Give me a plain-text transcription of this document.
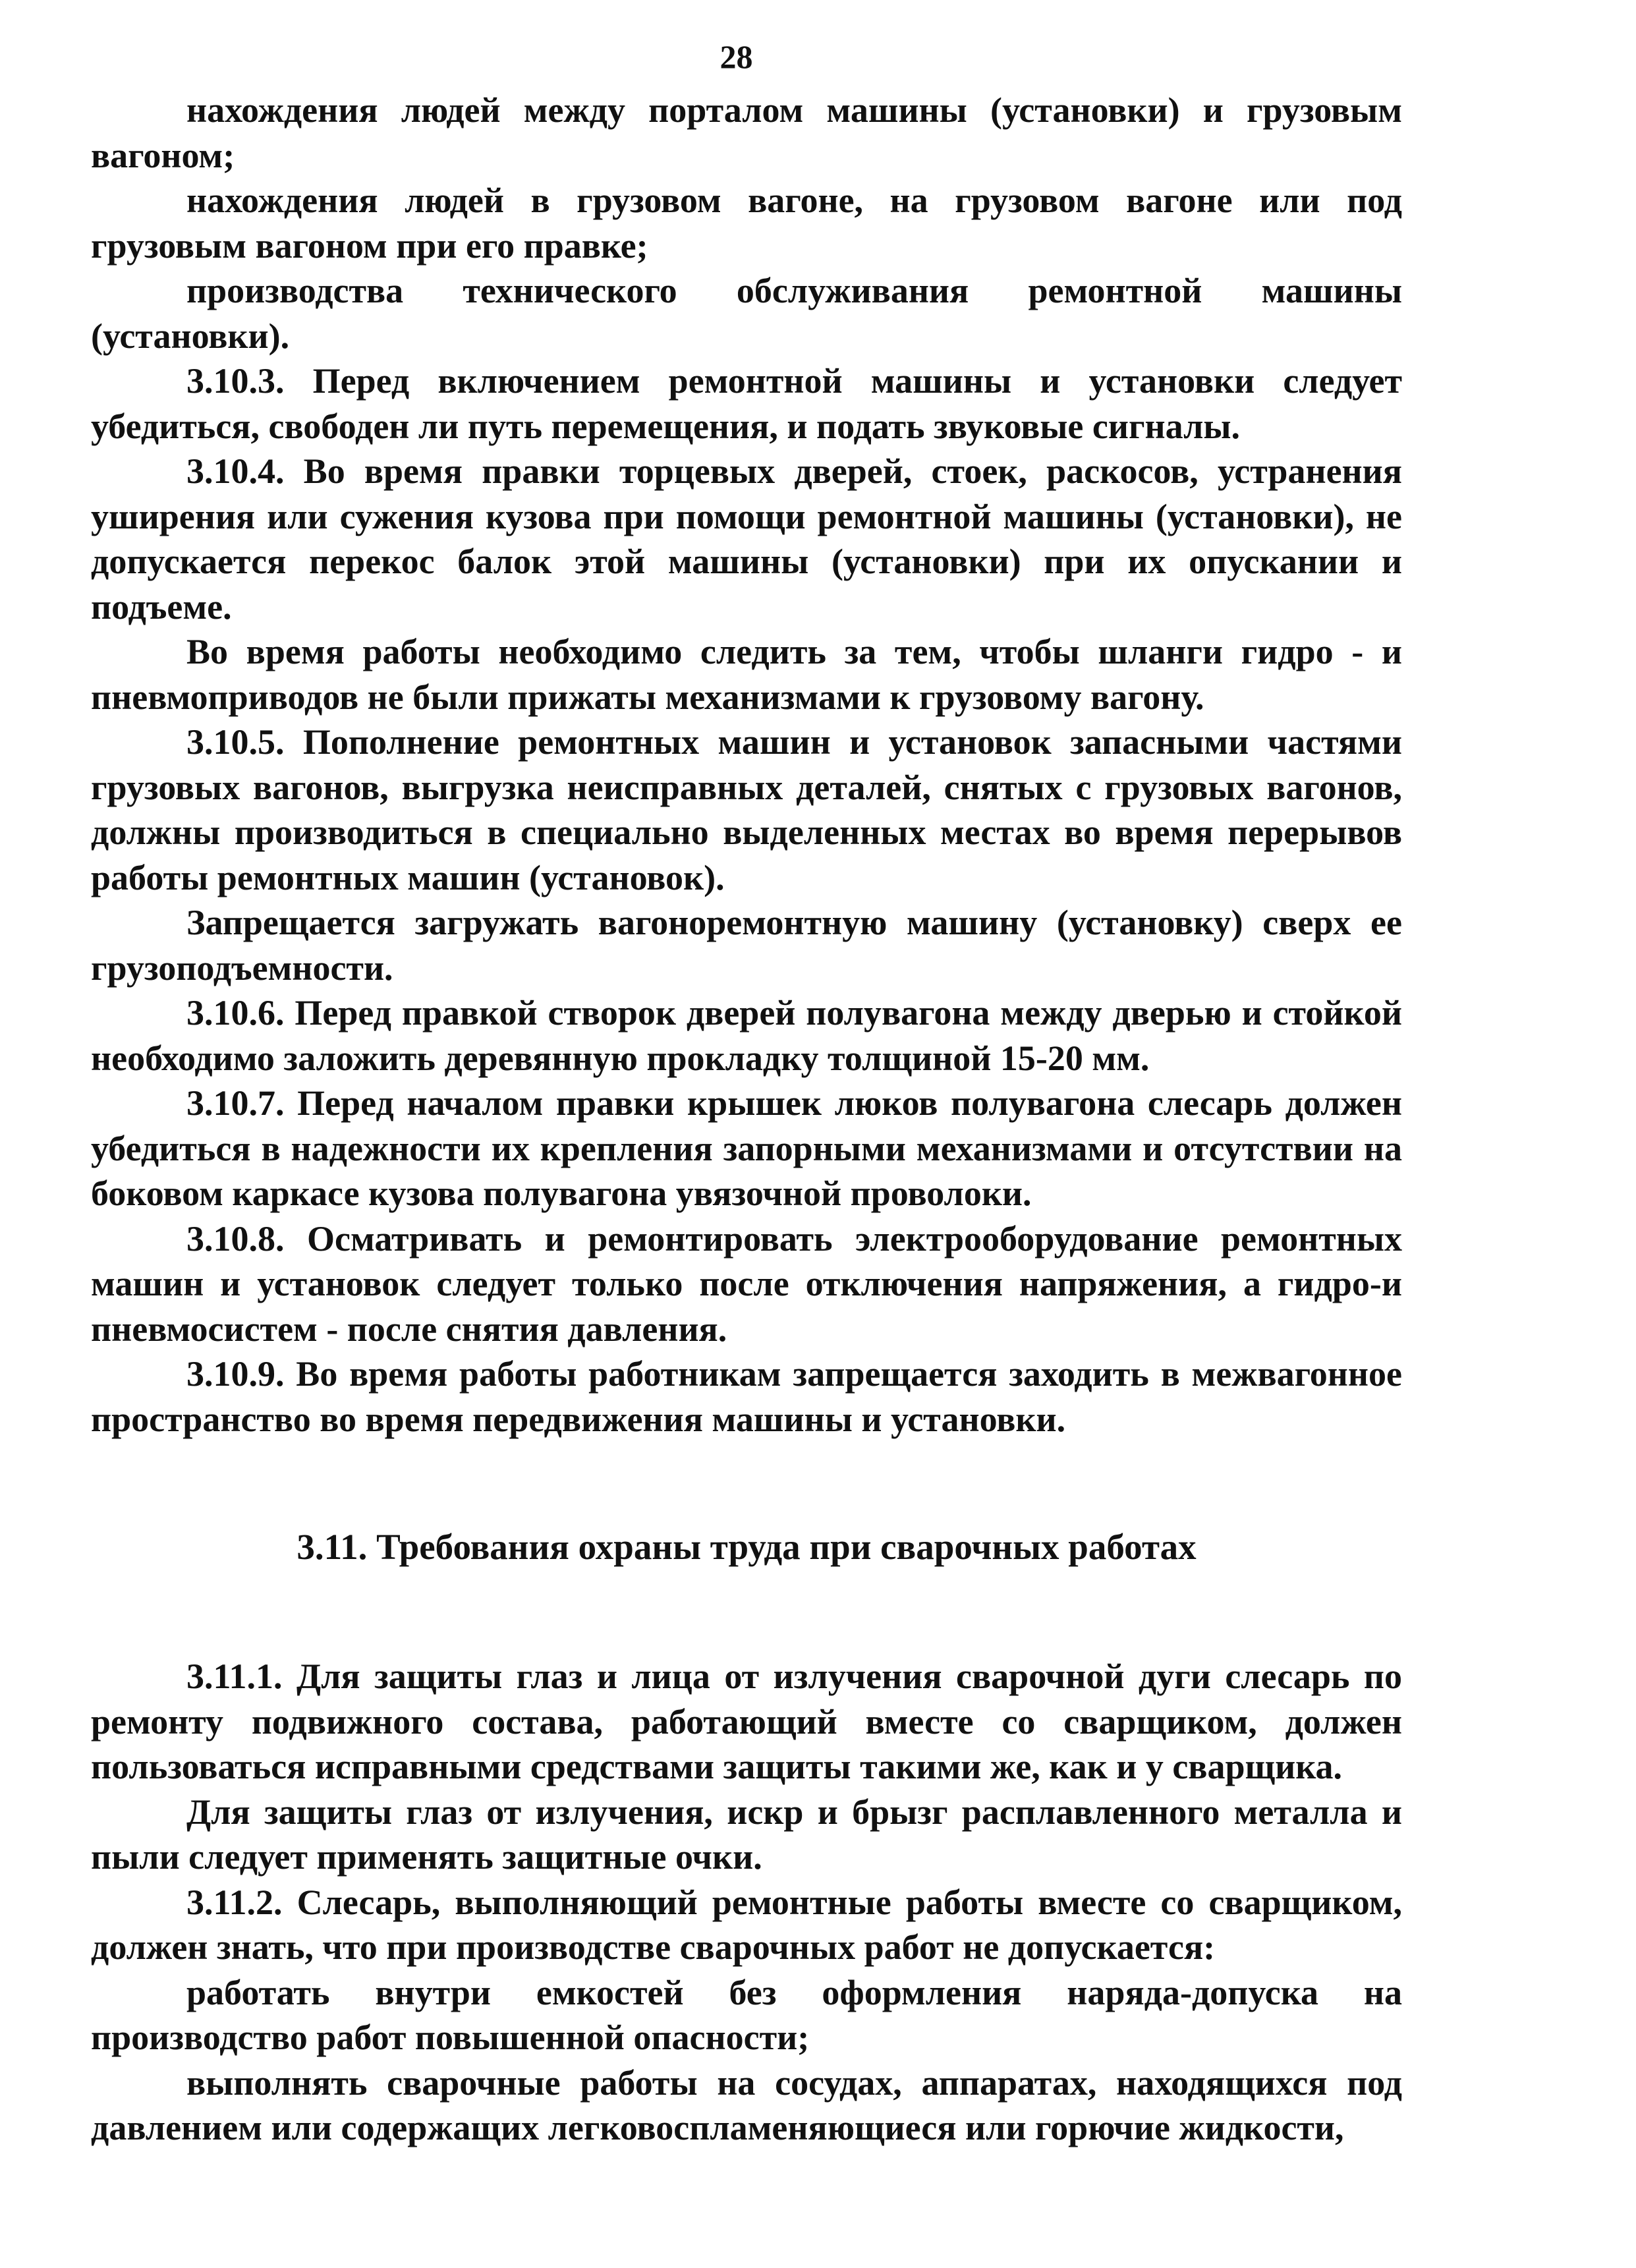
28

нахождения людей между порталом машины (установки) и грузовым вагоном;

нахождения людей в грузовом вагоне, на грузовом вагоне или под грузовым вагоном при его правке;

производства технического обслуживания ремонтной машины (установки).

3.10.3. Перед включением ремонтной машины и установки следует убедиться, свободен ли путь перемещения, и подать звуковые сигналы.

3.10.4. Во время правки торцевых дверей, стоек, раскосов, устранения уширения или сужения кузова при помощи ремонтной машины (установки), не допускается перекос балок этой машины (установки) при их опускании и подъеме.

Во время работы необходимо следить за тем, чтобы шланги гидро - и пневмоприводов не были прижаты механизмами к грузовому вагону.

3.10.5. Пополнение ремонтных машин и установок запасными частями грузовых вагонов, выгрузка неисправных деталей, снятых с грузовых вагонов, должны производиться в специально выделенных местах во время перерывов работы ремонтных машин (установок).

Запрещается загружать вагоноремонтную машину (установку) сверх ее грузоподъемности.

3.10.6. Перед правкой створок дверей полувагона между дверью и стойкой необходимо заложить деревянную прокладку толщиной 15-20 мм.

3.10.7. Перед началом правки крышек люков полувагона слесарь должен убедиться в надежности их крепления запорными механизмами и отсутствии на боковом каркасе кузова полувагона увязочной проволоки.

3.10.8. Осматривать и ремонтировать электрооборудование ремонтных машин и установок следует только после отключения напряжения, а гидро-и пневмосистем - после снятия давления.

3.10.9. Во время работы работникам запрещается заходить в межвагонное пространство во время передвижения машины и установки.

3.11. Требования охраны труда при сварочных работах

3.11.1. Для защиты глаз и лица от излучения сварочной дуги слесарь по ремонту подвижного состава, работающий вместе со сварщиком, должен пользоваться исправными средствами защиты такими же, как и у сварщика.

Для защиты глаз от излучения, искр и брызг расплавленного металла и пыли следует применять защитные очки.

3.11.2. Слесарь, выполняющий ремонтные работы вместе со сварщиком, должен знать, что при производстве сварочных работ не допускается:

работать внутри емкостей без оформления наряда-допуска на производство работ повышенной опасности;

выполнять сварочные работы на сосудах, аппаратах, находящихся под давлением или содержащих легковоспламеняющиеся или горючие жидкости,
